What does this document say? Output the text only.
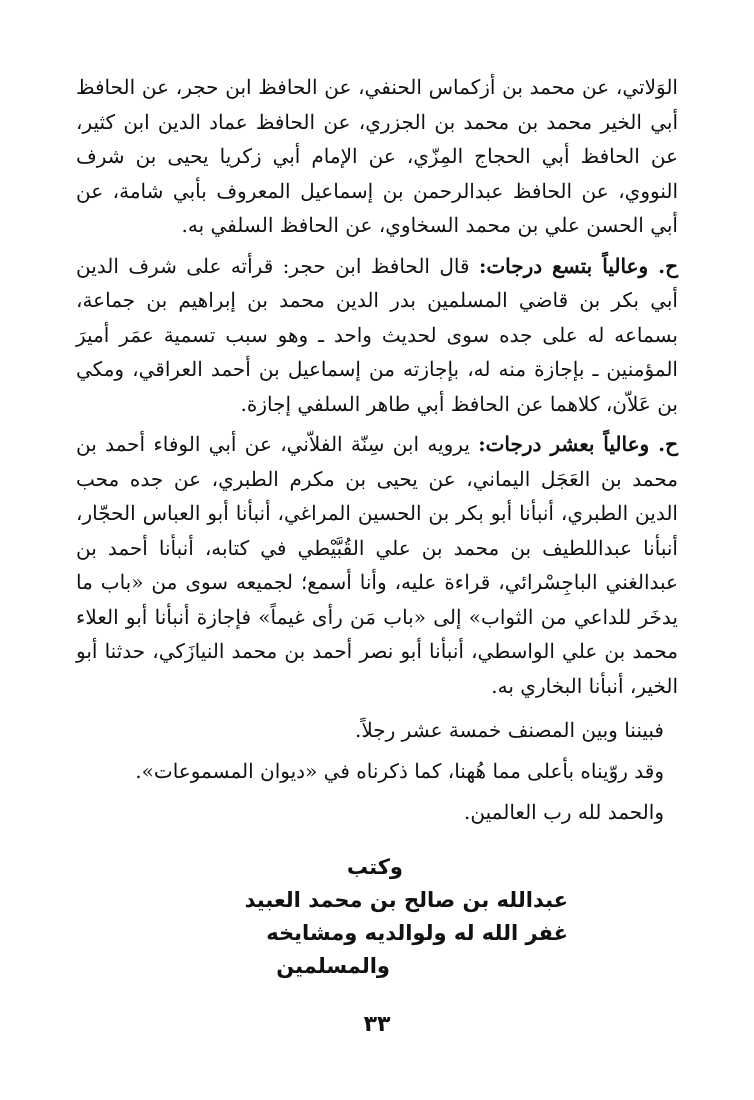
الوَلاتي، عن محمد بن أزكماس الحنفي، عن الحافظ ابن حجر، عن الحافظ أبي الخير محمد بن محمد بن الجزري، عن الحافظ عماد الدين ابن كثير، عن الحافظ أبي الحجاج المِزّي، عن الإمام أبي زكريا يحيى بن شرف النووي، عن الحافظ عبدالرحمن بن إسماعيل المعروف بأبي شامة، عن أبي الحسن علي بن محمد السخاوي، عن الحافظ السلفي به.

ح. وعالياً بتسع درجات: قال الحافظ ابن حجر: قرأته على شرف الدين أبي بكر بن قاضي المسلمين بدر الدين محمد بن إبراهيم بن جماعة، بسماعه له على جده سوى لحديث واحد ـ وهو سبب تسمية عمَر أميرَ المؤمنين ـ بإجازة منه له، بإجازته من إسماعيل بن أحمد العراقي، ومكي بن عَلاّن، كلاهما عن الحافظ أبي طاهر السلفي إجازة.

ح. وعالياً بعشر درجات: يرويه ابن سِنّة الفلاّني، عن أبي الوفاء أحمد بن محمد بن العَجَل اليماني، عن يحيى بن مكرم الطبري، عن جده محب الدين الطبري، أنبأنا أبو بكر بن الحسين المراغي، أنبأنا أبو العباس الحجّار، أنبأنا عبداللطيف بن محمد بن علي القُبَّيْطي في كتابه، أنبأنا أحمد بن عبدالغني الباجِسْرائي، قراءة عليه، وأنا أسمع؛ لجميعه سوى من «باب ما يدخَر للداعي من الثواب» إلى «باب مَن رأى غيماً» فإجازة أنبأنا أبو العلاء محمد بن علي الواسطي، أنبأنا أبو نصر أحمد بن محمد النيازَكي، حدثنا أبو الخير، أنبأنا البخاري به.

فبيننا وبين المصنف خمسة عشر رجلاً.

وقد روّيناه بأعلى مما هُهنا، كما ذكرناه في «ديوان المسموعات».

والحمد لله رب العالمين.

وكتب
عبدالله بن صالح بن محمد العبيد
غفر الله له ولوالديه ومشايخه
والمسلمين
٣٣
